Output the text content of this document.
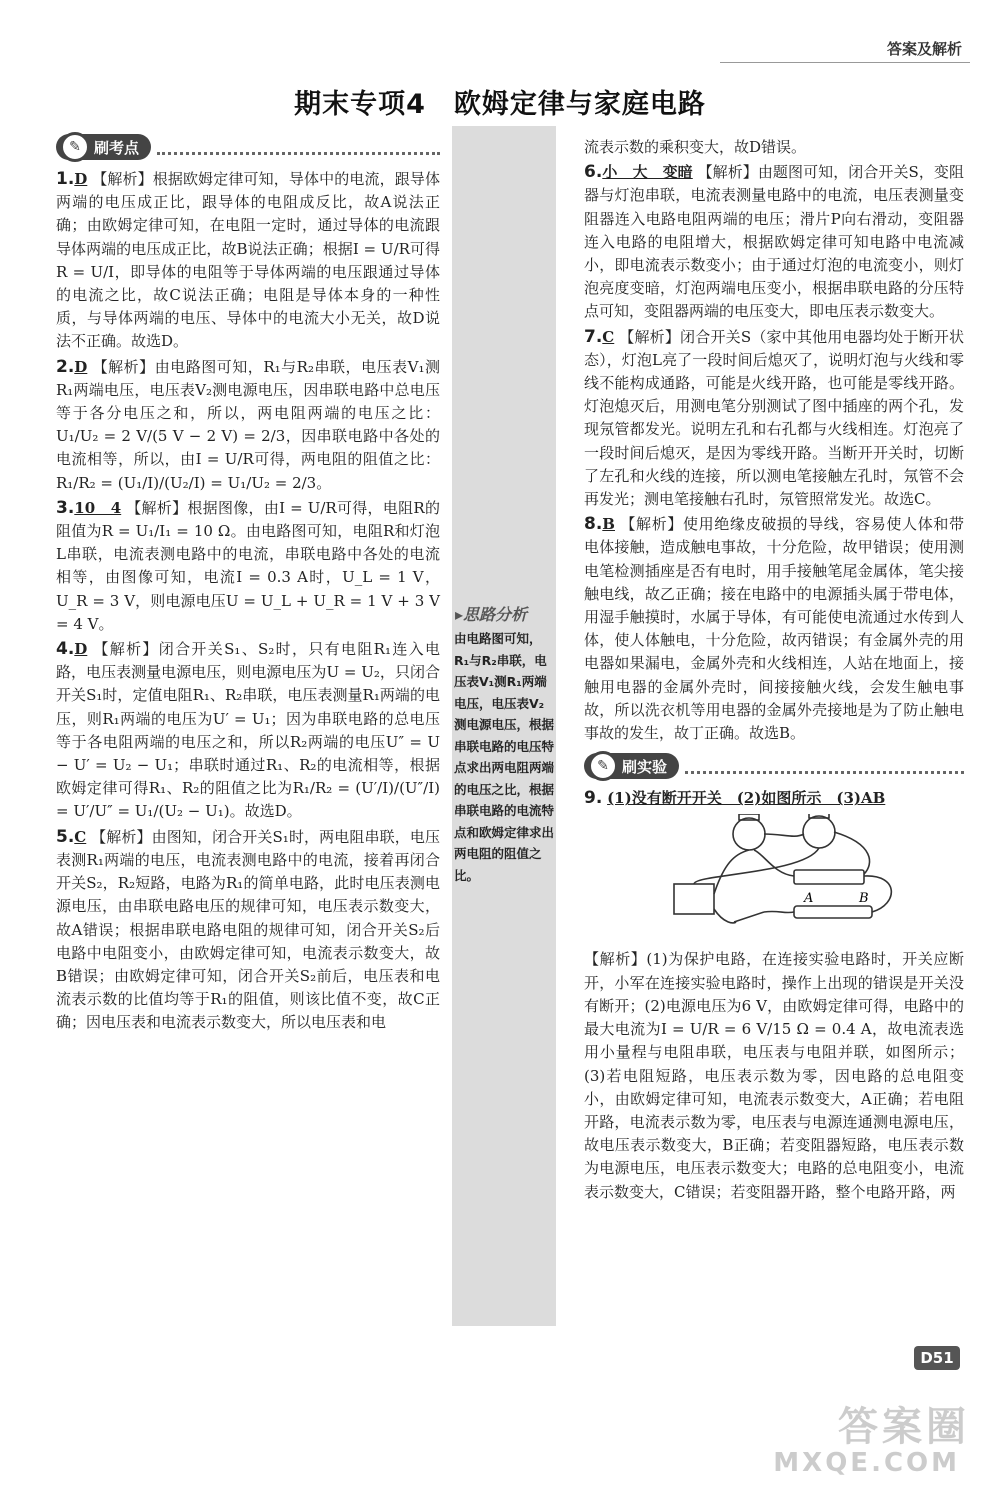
答案及解析
期末专项4　欧姆定律与家庭电路
▸思路分析
由电路图可知，R₁与R₂串联，电压表V₁测R₁两端电压，电压表V₂测电源电压，根据串联电路的电压特点求出两电阻两端的电压之比，根据串联电路的电流特点和欧姆定律求出两电阻的阻值之比。
✎ 刷考点

1.D 【解析】根据欧姆定律可知，导体中的电流，跟导体两端的电压成正比，跟导体的电阻成反比，故A说法正确；由欧姆定律可知，在电阻一定时，通过导体的电流跟导体两端的电压成正比，故B说法正确；根据I = U/R可得R = U/I，即导体的电阻等于导体两端的电压跟通过导体的电流之比，故C说法正确；电阻是导体本身的一种性质，与导体两端的电压、导体中的电流大小无关，故D说法不正确。故选D。

2.D 【解析】由电路图可知，R₁与R₂串联，电压表V₁测R₁两端电压，电压表V₂测电源电压，因串联电路中总电压等于各分电压之和，所以，两电阻两端的电压之比：U₁/U₂ = 2 V/(5 V − 2 V) = 2/3，因串联电路中各处的电流相等，所以，由I = U/R可得，两电阻的阻值之比：R₁/R₂ = (U₁/I)/(U₂/I) = U₁/U₂ = 2/3。

3.10　4 【解析】根据图像，由I = U/R可得，电阻R的阻值为R = U₁/I₁ = 10 Ω。由电路图可知，电阻R和灯泡L串联，电流表测电路中的电流，串联电路中各处的电流相等，由图像可知，电流I = 0.3 A时，U_L = 1 V，U_R = 3 V，则电源电压U = U_L + U_R = 1 V + 3 V = 4 V。

4.D 【解析】闭合开关S₁、S₂时，只有电阻R₁连入电路，电压表测量电源电压，则电源电压为U = U₂，只闭合开关S₁时，定值电阻R₁、R₂串联，电压表测量R₁两端的电压，则R₁两端的电压为U′ = U₁；因为串联电路的总电压等于各电阻两端的电压之和，所以R₂两端的电压U″ = U − U′ = U₂ − U₁；串联时通过R₁、R₂的电流相等，根据欧姆定律可得R₁、R₂的阻值之比为R₁/R₂ = (U′/I)/(U″/I) = U′/U″ = U₁/(U₂ − U₁)。故选D。

5.C 【解析】由图知，闭合开关S₁时，两电阻串联，电压表测R₁两端的电压，电流表测电路中的电流，接着再闭合开关S₂，R₂短路，电路为R₁的简单电路，此时电压表测电源电压，由串联电路电压的规律可知，电压表示数变大，故A错误；根据串联电路电阻的规律可知，闭合开关S₂后电路中电阻变小，由欧姆定律可知，电流表示数变大，故B错误；由欧姆定律可知，闭合开关S₂前后，电压表和电流表示数的比值均等于R₁的阻值，则该比值不变，故C正确；因电压表和电流表示数变大，所以电压表和电

流表示数的乘积变大，故D错误。

6.小　大　变暗 【解析】由题图可知，闭合开关S，变阻器与灯泡串联，电流表测量电路中的电流，电压表测量变阻器连入电路电阻两端的电压；滑片P向右滑动，变阻器连入电路的电阻增大，根据欧姆定律可知电路中电流减小，即电流表示数变小；由于通过灯泡的电流变小，则灯泡亮度变暗，灯泡两端电压变小，根据串联电路的分压特点可知，变阻器两端的电压变大，即电压表示数变大。

7.C 【解析】闭合开关S（家中其他用电器均处于断开状态），灯泡L亮了一段时间后熄灭了，说明灯泡与火线和零线不能构成通路，可能是火线开路，也可能是零线开路。灯泡熄灭后，用测电笔分别测试了图中插座的两个孔，发现氖管都发光。说明左孔和右孔都与火线相连。灯泡亮了一段时间后熄灭，是因为零线开路。当断开开关时，切断了左孔和火线的连接，所以测电笔接触左孔时，氖管不会再发光；测电笔接触右孔时，氖管照常发光。故选C。

8.B 【解析】使用绝缘皮破损的导线，容易使人体和带电体接触，造成触电事故，十分危险，故甲错误；使用测电笔检测插座是否有电时，用手接触笔尾金属体，笔尖接触电线，故乙正确；接在电路中的电源插头属于带电体，用湿手触摸时，水属于导体，有可能使电流通过水传到人体，使人体触电，十分危险，故丙错误；有金属外壳的用电器如果漏电，金属外壳和火线相连，人站在地面上，接触用电器的金属外壳时，间接接触火线，会发生触电事故，所以洗衣机等用电器的金属外壳接地是为了防止触电事故的发生，故丁正确。故选B。

✎ 刷实验

9. (1)没有断开开关　(2)如图所示　(3)AB

A	B

【解析】(1)为保护电路，在连接实验电路时，开关应断开，小军在连接实验电路时，操作上出现的错误是开关没有断开；(2)电源电压为6 V，由欧姆定律可得，电路中的最大电流为I = U/R = 6 V/15 Ω = 0.4 A，故电流表选用小量程与电阻串联，电压表与电阻并联，如图所示；(3)若电阻短路，电压表示数为零，因电路的总电阻变小，由欧姆定律可知，电流表示数变大，A正确；若电阻开路，电流表示数为零，电压表与电源连通测电源电压，故电压表示数变大，B正确；若变阻器短路，电压表示数为电源电压，电压表示数变大；电路的总电阻变小，电流表示数变大，C错误；若变阻器开路，整个电路开路，两

D51
答案圈
MXQE.COM
